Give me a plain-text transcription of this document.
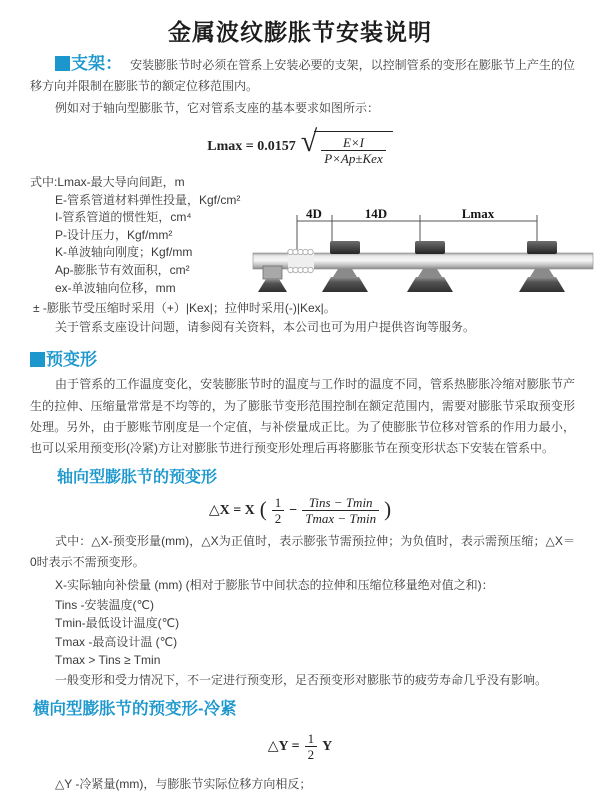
金属波纹膨胀节安装说明

支架： 安装膨胀节时必须在管系上安装必要的支架，以控制管系的变形在膨胀节上产生的位移方向并限制在膨胀节的额定位移范围内。

例如对于轴向型膨胀节，它对管系支座的基本要求如图所示：

Lmax = 0.0157 √ $\frac{E\times I}{\text{P×Ap±Kex}}$
式中:Lmax-最大导向间距，m
E-管系管道材料弹性投量，Kgf/cm²
I-管系管道的惯性矩，cm⁴
P-设计压力，Kgf/mm²
K-单波轴向刚度；Kgf/mm
Ap-膨胀节有效面积，cm²
ex-单波轴向位移，mm
± -膨胀节受压缩时采用（+）|Kex|；拉伸时采用(-)|Kex|。
关于管系支座设计问题，请参阅有关资料，本公司也可为用户提供咨询等服务。
4D	14D	Lmax
预变形

由于管系的工作温度变化，安装膨胀节时的温度与工作时的温度不同，管系热膨胀冷缩对膨胀节产生的拉伸、压缩量常常是不均等的，为了膨胀节变形范围控制在额定范围内，需要对膨胀节采取预变形处理。另外，由于膨账节刚度是一个定值，与补偿量成正比。为了使膨胀节位移对管系的作用力最小，也可以采用预变形(冷紧)方让对膨胀节进行预变形处理后再将膨胀节在预变形状态下安装在管系中。

轴向型膨胀节的预变形
△X = X ( $\frac{1}{2} - \frac{\text{Tins − Tmin}}{Tmax - Tmin}$ )

式中：△X-预变形量(mm)，△X为正值时，表示膨张节需预拉伸；为负值时，表示需预压缩；△X＝0时表示不需预变形。

X-实际轴向补偿量 (mm) (相对于膨胀节中间状态的拉伸和压缩位移量绝对值之和)：
Tins -安装温度(℃)
Tmin-最低设计温度(℃)
Tmax -最高设计温 (℃)
Tmax > Tins ≥ Tmin

一般变形和受力情况下，不一定进行预变形，足否预变形对膨胀节的疲劳寿命几乎没有影响。

横向型膨胀节的预变形-冷紧
△Y = $\frac{1}{2}$ Y
△Y -冷紧量(mm)，与膨胀节实际位移方向相反；
